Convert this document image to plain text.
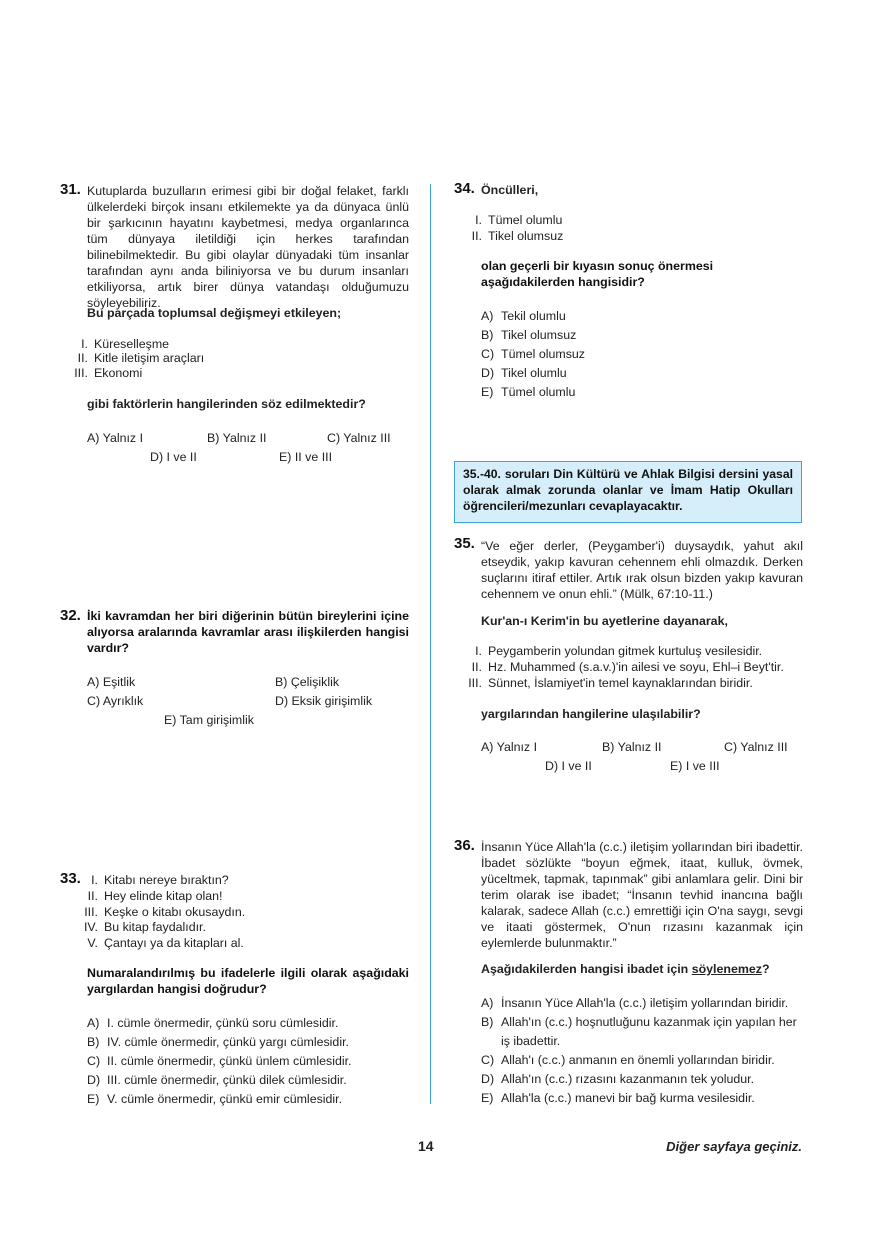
31. Kutuplarda buzulların erimesi gibi bir doğal felaket, farklı ülkelerdeki birçok insanı etkilemekte ya da dünyaca ünlü bir şarkıcının hayatını kaybetmesi, medya organlarınca tüm dünyaya iletildiği için herkes tarafından bilinebilmektedir. Bu gibi olaylar dünyadaki tüm insanlar tarafından aynı anda biliniyorsa ve bu durum insanları etkiliyorsa, artık birer dünya vatandaşı olduğumuzu söyleyebiliriz.

Bu parçada toplumsal değişmeyi etkileyen;
I. Küreselleşme
II. Kitle iletişim araçları
III. Ekonomi
gibi faktörlerin hangilerinden söz edilmektedir?
A) Yalnız I	B) Yalnız II	C) Yalnız III
D) I ve II	E) II ve III
32. İki kavramdan her biri diğerinin bütün bireylerini içine alıyorsa aralarında kavramlar arası ilişkilerden hangisi vardır?

A) Eşitlik	B) Çelişiklik
C) Ayrıklık	D) Eksik girişimlik
E) Tam girişimlik
33. I. Kitabı nereye bıraktın?
II. Hey elinde kitap olan!
III. Keşke o kitabı okusaydın.
IV. Bu kitap faydalıdır.
V. Çantayı ya da kitapları al.

Numaralandırılmış bu ifadelerle ilgili olarak aşağıdaki yargılardan hangisi doğrudur?

A) I. cümle önermedir, çünkü soru cümlesidir.
B) IV. cümle önermedir, çünkü yargı cümlesidir.
C) II. cümle önermedir, çünkü ünlem cümlesidir.
D) III. cümle önermedir, çünkü dilek cümlesidir.
E) V. cümle önermedir, çünkü emir cümlesidir.
34. Öncülleri,
I. Tümel olumlu
II. Tikel olumsuz

olan geçerli bir kıyasın sonuç önermesi aşağıdakilerden hangisidir?

A) Tekil olumlu
B) Tikel olumsuz
C) Tümel olumsuz
D) Tikel olumlu
E) Tümel olumlu
35.-40. soruları Din Kültürü ve Ahlak Bilgisi dersini yasal olarak almak zorunda olanlar ve İmam Hatip Okulları öğrencileri/mezunları cevaplayacaktır.
35. “Ve eğer derler, (Peygamber'i) duysaydık, yahut akıl etseydik, yakıp kavuran cehennem ehli olmazdık. Derken suçlarını itiraf ettiler. Artık ırak olsun bizden yakıp kavuran cehennem ve onun ehli.” (Mülk, 67:10-11.)

Kur'an-ı Kerim'in bu ayetlerine dayanarak,
I. Peygamberin yolundan gitmek kurtuluş vesilesidir.
II. Hz. Muhammed (s.a.v.)'in ailesi ve soyu, Ehl–i Beyt'tir.
III. Sünnet, İslamiyet'in temel kaynaklarından biridir.
yargılarından hangilerine ulaşılabilir?
A) Yalnız I	B) Yalnız II	C) Yalnız III
D) I ve II	E) I ve III
36. İnsanın Yüce Allah'la (c.c.) iletişim yollarından biri ibadettir. İbadet sözlükte “boyun eğmek, itaat, kulluk, övmek, yüceltmek, tapmak, tapınmak” gibi anlamlara gelir. Dini bir terim olarak ise ibadet; “İnsanın tevhid inancına bağlı kalarak, sadece Allah (c.c.) emrettiği için O'na saygı, sevgi ve itaati göstermek, O'nun rızasını kazanmak için eylemlerde bulunmaktır.”

Aşağıdakilerden hangisi ibadet için söylenemez?
A) İnsanın Yüce Allah'la (c.c.) iletişim yollarından biridir.
B) Allah'ın (c.c.) hoşnutluğunu kazanmak için yapılan her
iş ibadettir.
C) Allah'ı (c.c.) anmanın en önemli yollarından biridir.
D) Allah'ın (c.c.) rızasını kazanmanın tek yoludur.
E) Allah'la (c.c.) manevi bir bağ kurma vesilesidir.
14	Diğer sayfaya geçiniz.
